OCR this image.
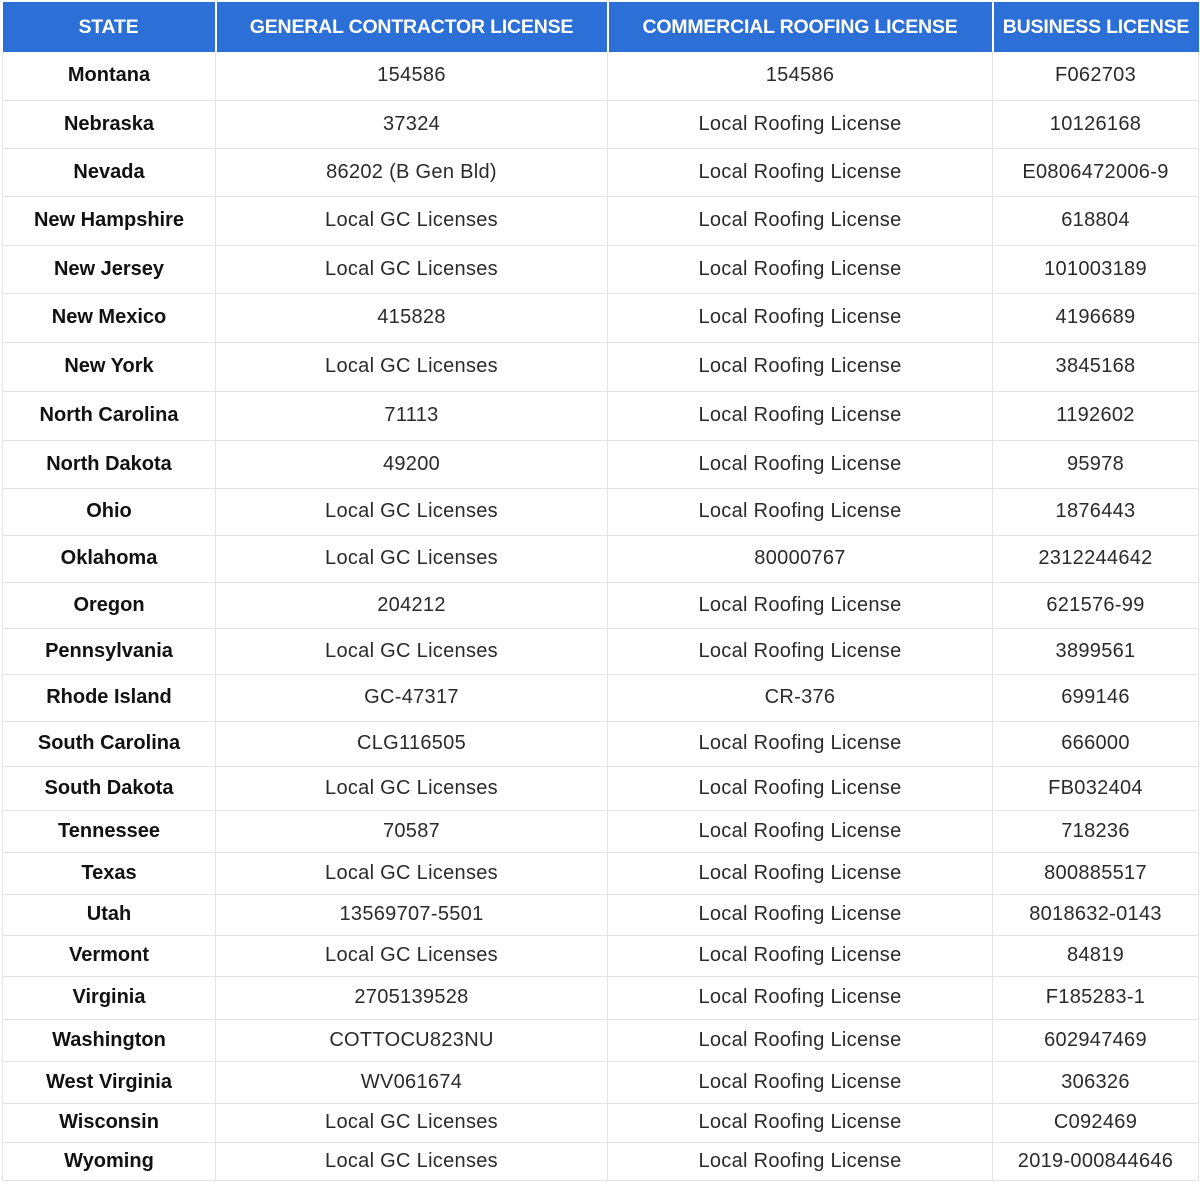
STATE	GENERAL CONTRACTOR LICENSE	COMMERCIAL ROOFING LICENSE	BUSINESS LICENSE
Montana	154586	154586	F062703
Nebraska	37324	Local Roofing License	10126168
Nevada	86202 (B Gen Bld)	Local Roofing License	E0806472006-9
New Hampshire	Local GC Licenses	Local Roofing License	618804
New Jersey	Local GC Licenses	Local Roofing License	101003189
New Mexico	415828	Local Roofing License	4196689
New York	Local GC Licenses	Local Roofing License	3845168
North Carolina	71113	Local Roofing License	1192602
North Dakota	49200	Local Roofing License	95978
Ohio	Local GC Licenses	Local Roofing License	1876443
Oklahoma	Local GC Licenses	80000767	2312244642
Oregon	204212	Local Roofing License	621576-99
Pennsylvania	Local GC Licenses	Local Roofing License	3899561
Rhode Island	GC-47317	CR-376	699146
South Carolina	CLG116505	Local Roofing License	666000
South Dakota	Local GC Licenses	Local Roofing License	FB032404
Tennessee	70587	Local Roofing License	718236
Texas	Local GC Licenses	Local Roofing License	800885517
Utah	13569707-5501	Local Roofing License	8018632-0143
Vermont	Local GC Licenses	Local Roofing License	84819
Virginia	2705139528	Local Roofing License	F185283-1
Washington	COTTOCU823NU	Local Roofing License	602947469
West Virginia	WV061674	Local Roofing License	306326
Wisconsin	Local GC Licenses	Local Roofing License	C092469
Wyoming	Local GC Licenses	Local Roofing License	2019-000844646
